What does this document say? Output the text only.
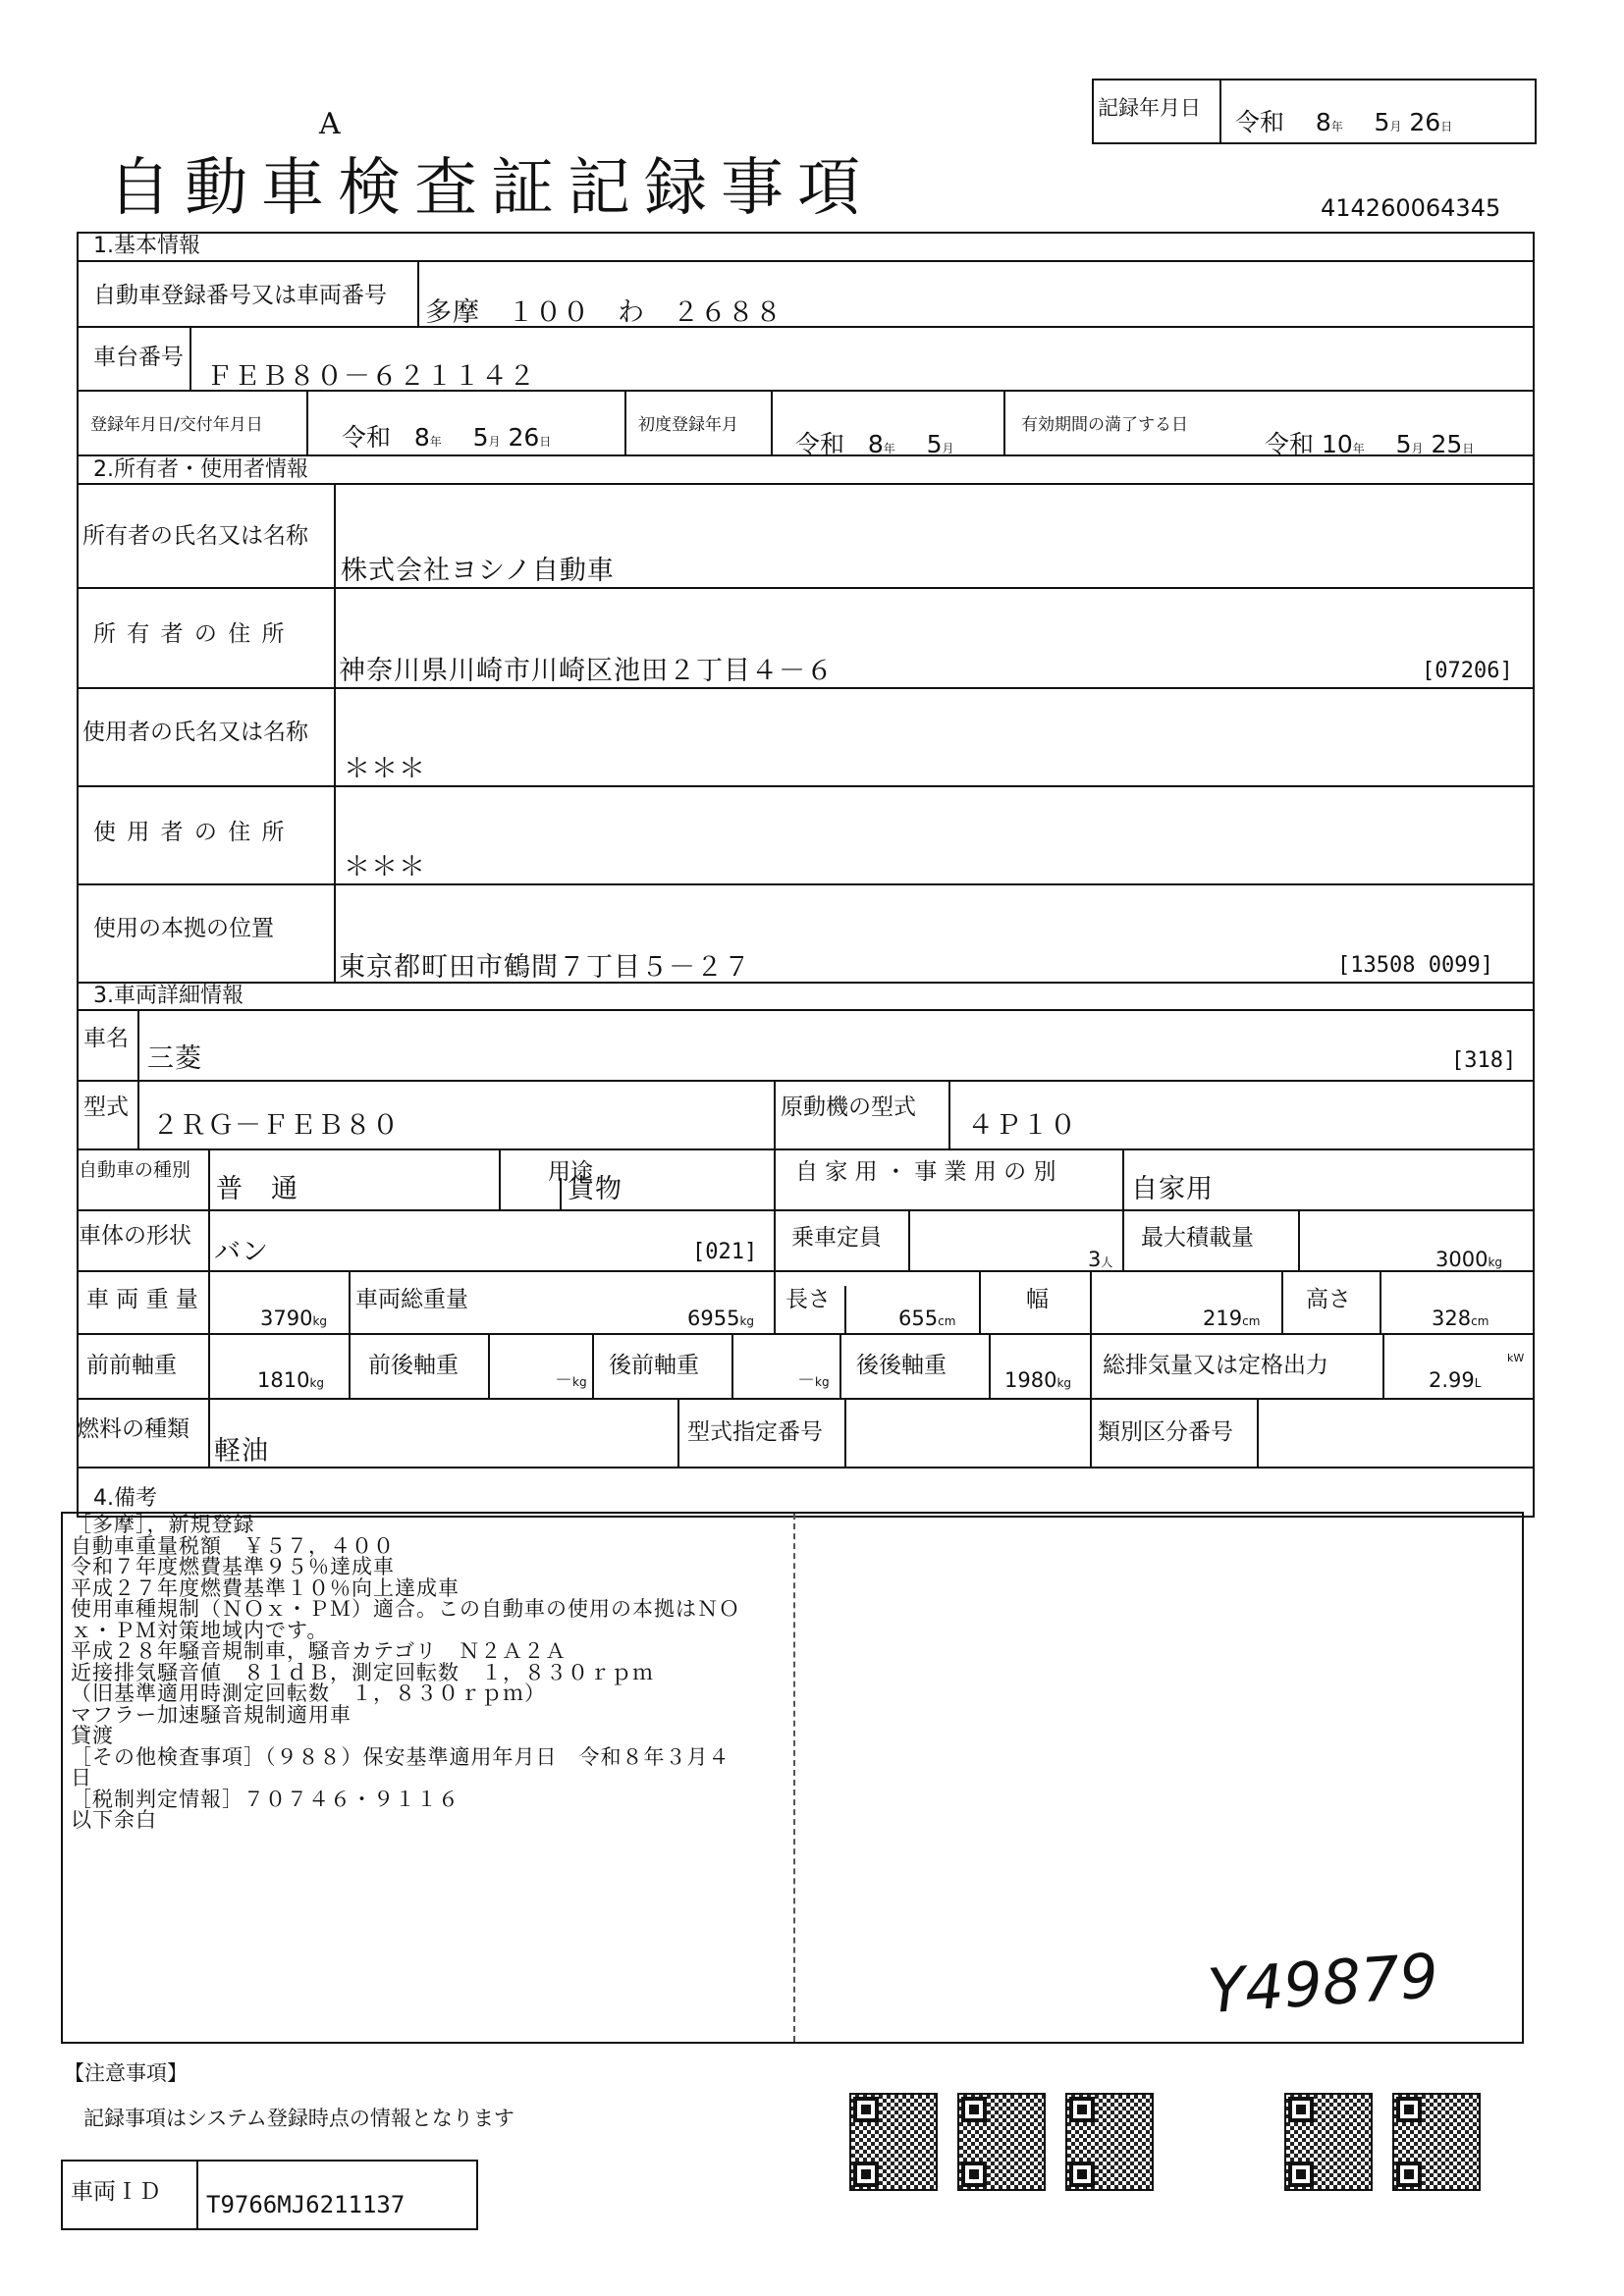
A
自動車検査証記録事項
記録年月日 令和 8年 5月 26日
414260064345
1.基本情報
自動車登録番号又は車両番号
多摩　１００　わ　２６８８
車台番号
ＦＥＢ８０－６２１１４２
登録年月日/交付年月日	令和 8年 5月 26日
初度登録年月
令和 8年 5月
有効期間の満了する日
令和 10年 5月 25日
2.所有者・使用者情報
所有者の氏名又は名称
株式会社ヨシノ自動車
所 有 者 の 住 所
神奈川県川崎市川崎区池田２丁目４－６	[07206]
使用者の氏名又は名称
＊＊＊
使 用 者 の 住 所
＊＊＊
使用の本拠の位置
東京都町田市鶴間７丁目５－２７	[13508 0099]
3.車両詳細情報
車名
三菱	[318]
型式
２ＲＧ－ＦＥＢ８０
原動機の型式
４Ｐ１０
自動車の種別
普　通
用途
貨物
自 家 用 ・ 事 業 用 の 別
自家用
車体の形状
バン	[021]
乗車定員
3人
最大積載量
3000kg
車 両 重 量
3790kg
車両総重量
6955kg
長さ
655cm
幅
219cm
高さ
328cm
前前軸重
1810kg
前後軸重
－kg
後前軸重
－kg
後後軸重
1980kg
総排気量又は定格出力
2.99L
kW
燃料の種類
軽油
型式指定番号	類別区分番号
4.備考
［多摩］，新規登録
自動車重量税額　￥５７，４００
令和７年度燃費基準９５％達成車
平成２７年度燃費基準１０％向上達成車
使用車種規制（ＮＯｘ・ＰＭ）適合。この自動車の使用の本拠はＮＯ
ｘ・ＰＭ対策地域内です。
平成２８年騒音規制車，騒音カテゴリ　Ｎ２Ａ２Ａ
近接排気騒音値　８１ｄＢ，測定回転数　１，８３０ｒｐｍ
（旧基準適用時測定回転数　１，８３０ｒｐｍ）
マフラー加速騒音規制適用車
貸渡
［その他検査事項］（９８８）保安基準適用年月日　令和８年３月４
日
［税制判定情報］７０７４６・９１１６
以下余白
Y49879
【注意事項】
記録事項はシステム登録時点の情報となります
車両ＩＤ T9766MJ6211137
